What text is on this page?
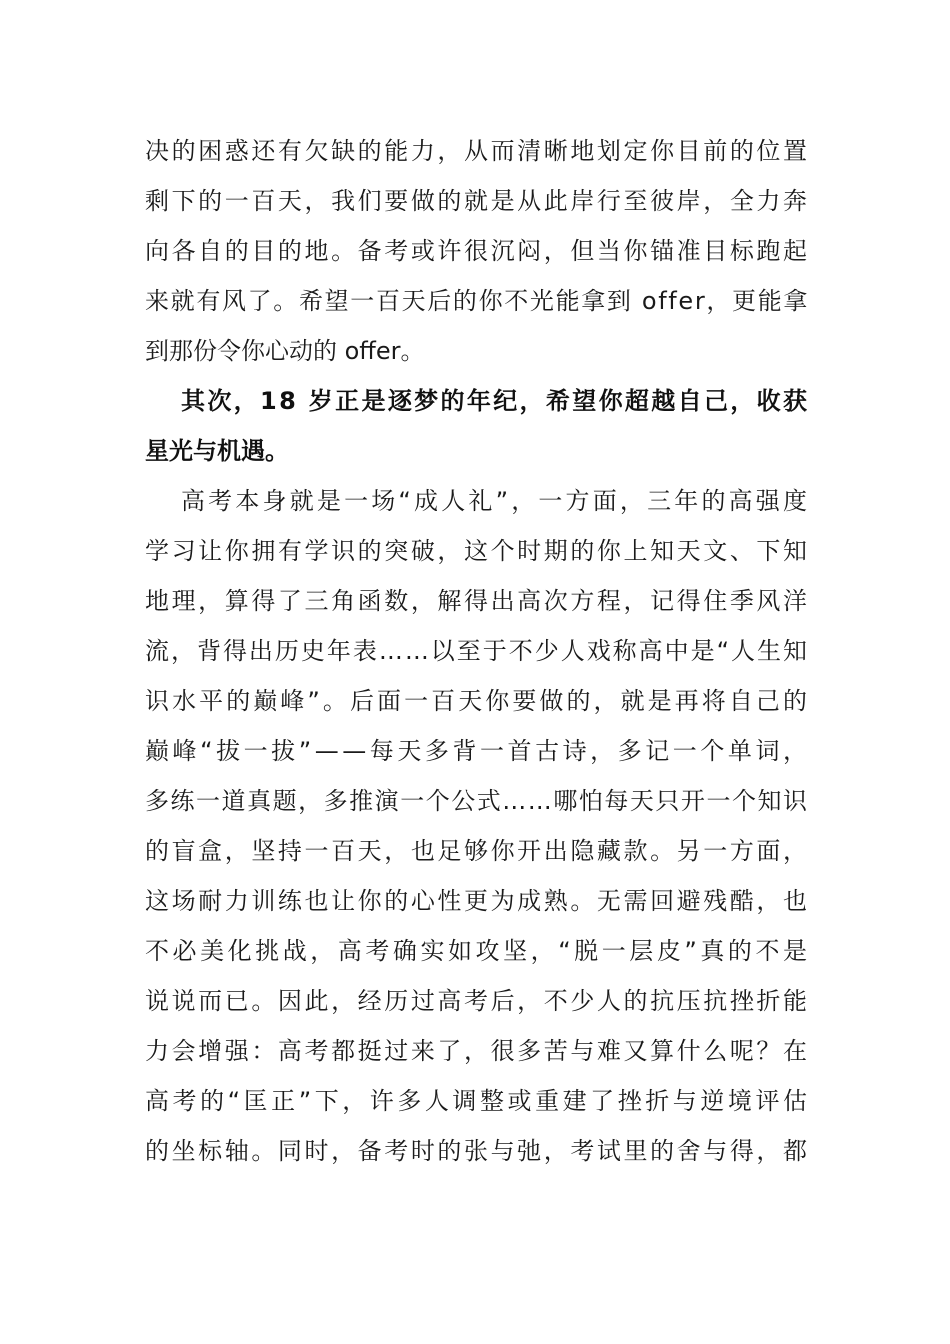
决的困惑还有欠缺的能力，从而清晰地划定你目前的位置
剩下的一百天，我们要做的就是从此岸行至彼岸，全力奔
向各自的目的地。备考或许很沉闷，但当你锚准目标跑起
来就有风了。希望一百天后的你不光能拿到 offer，更能拿
到那份令你心动的 offer。
其次，18 岁正是逐梦的年纪，希望你超越自己，收获
星光与机遇。
高考本身就是一场“成人礼”，一方面，三年的高强度
学习让你拥有学识的突破，这个时期的你上知天文、下知
地理，算得了三角函数，解得出高次方程，记得住季风洋
流，背得出历史年表……以至于不少人戏称高中是“人生知
识水平的巅峰”。后面一百天你要做的，就是再将自己的
巅峰“拔一拔”——每天多背一首古诗，多记一个单词，
多练一道真题，多推演一个公式……哪怕每天只开一个知识
的盲盒，坚持一百天，也足够你开出隐藏款。另一方面，
这场耐力训练也让你的心性更为成熟。无需回避残酷，也
不必美化挑战，高考确实如攻坚，“脱一层皮”真的不是
说说而已。因此，经历过高考后，不少人的抗压抗挫折能
力会增强：高考都挺过来了，很多苦与难又算什么呢？在
高考的“匡正”下，许多人调整或重建了挫折与逆境评估
的坐标轴。同时，备考时的张与弛，考试里的舍与得，都
